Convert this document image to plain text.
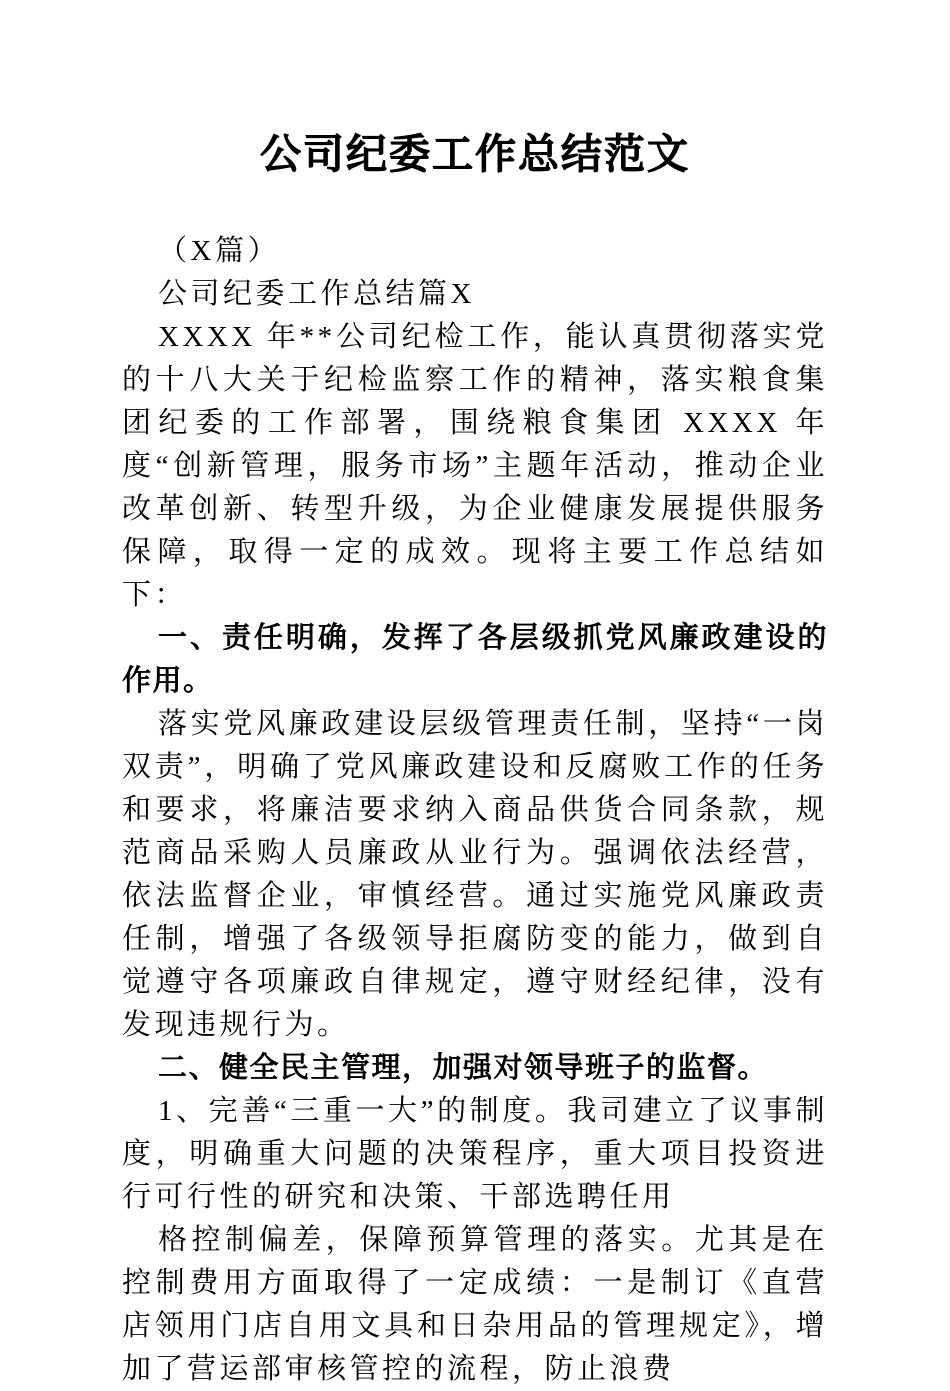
公司纪委工作总结范文

（X篇）

公司纪委工作总结篇X

XXXX 年**公司纪检工作，能认真贯彻落实党的十八大关于纪检监察工作的精神，落实粮食集团纪委的工作部署，围绕粮食集团 XXXX 年度“创新管理，服务市场”主题年活动，推动企业改革创新、转型升级，为企业健康发展提供服务保障，取得一定的成效。现将主要工作总结如下：

一、责任明确，发挥了各层级抓党风廉政建设的作用。

落实党风廉政建设层级管理责任制，坚持“一岗双责”，明确了党风廉政建设和反腐败工作的任务和要求，将廉洁要求纳入商品供货合同条款，规范商品采购人员廉政从业行为。强调依法经营，依法监督企业，审慎经营。通过实施党风廉政责任制，增强了各级领导拒腐防变的能力，做到自觉遵守各项廉政自律规定，遵守财经纪律，没有发现违规行为。

二、健全民主管理，加强对领导班子的监督。

1、完善“三重一大”的制度。我司建立了议事制度，明确重大问题的决策程序，重大项目投资进行可行性的研究和决策、干部选聘任用

格控制偏差，保障预算管理的落实。尤其是在控制费用方面取得了一定成绩：一是制订《直营店领用门店自用文具和日杂用品的管理规定》，增加了营运部审核管控的流程，防止浪费
